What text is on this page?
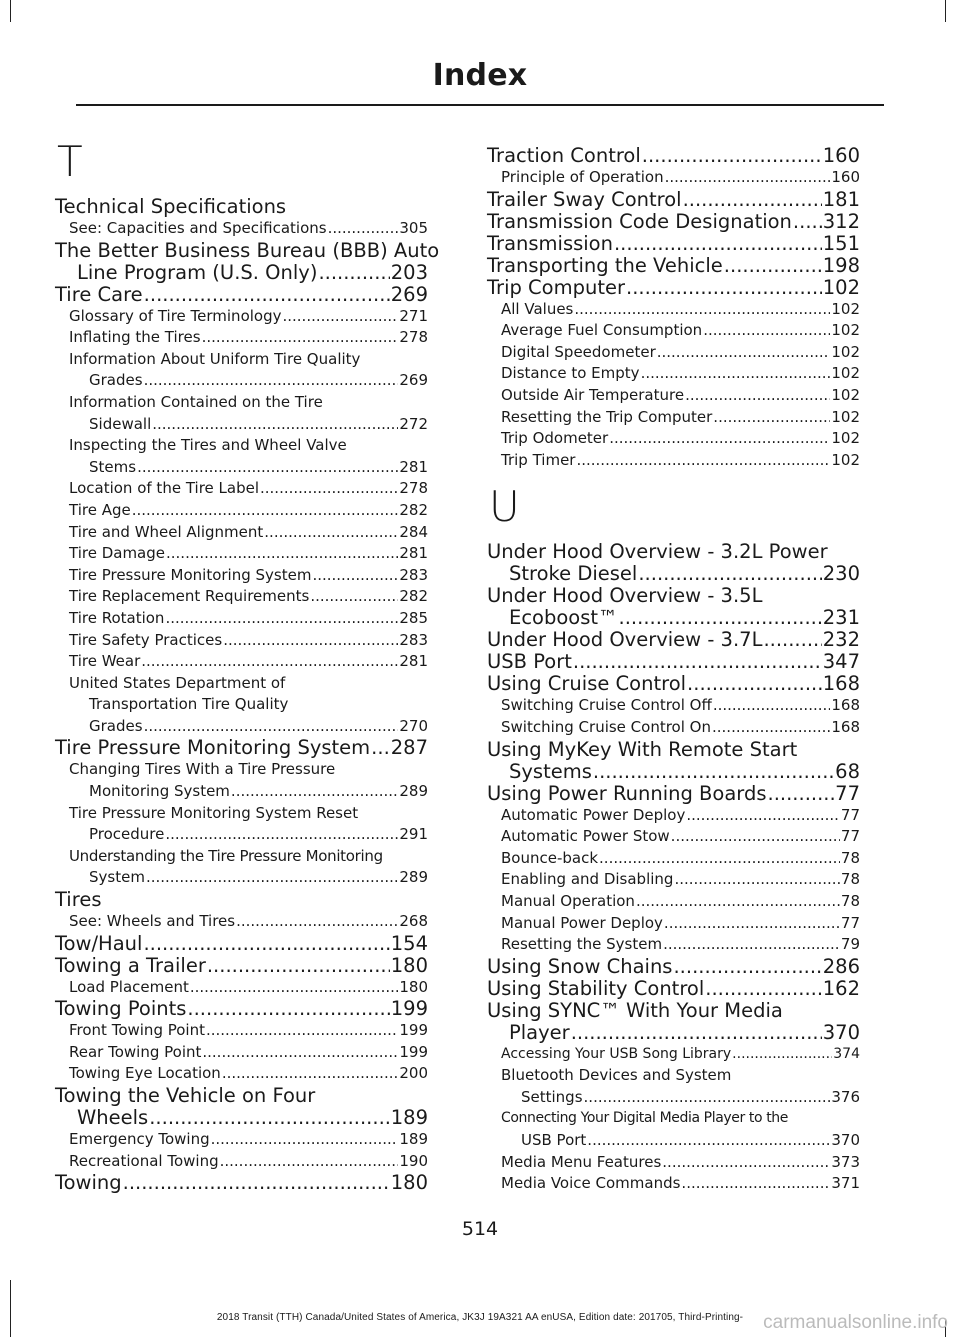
Index
T
Technical Specifications
See: Capacities and Specifications .....	305
The Better Business Bureau (BBB) Auto
Line Program (U.S. Only) .....	203
Tire Care .....	269
Glossary of Tire Terminology .....	271
Inflating the Tires .....	278
Information About Uniform Tire Quality
Grades .....	269
Information Contained on the Tire
Sidewall .....	272
Inspecting the Tires and Wheel Valve
Stems .....	281
Location of the Tire Label .....	278
Tire Age .....	282
Tire and Wheel Alignment .....	284
Tire Damage .....	281
Tire Pressure Monitoring System .....	283
Tire Replacement Requirements .....	282
Tire Rotation .....	285
Tire Safety Practices .....	283
Tire Wear .....	281
United States Department of
Transportation Tire Quality
Grades .....	270
Tire Pressure Monitoring System ..... 287
Changing Tires With a Tire Pressure
Monitoring System .....	289
Tire Pressure Monitoring System Reset
Procedure .....	291
Understanding the Tire Pressure Monitoring
System .....	289
Tires
See: Wheels and Tires .....	268
Tow/Haul .....	154
Towing a Trailer .....	180
Load Placement .....	180
Towing Points .....	199
Front Towing Point .....	199
Rear Towing Point .....	199
Towing Eye Location .....	200
Towing the Vehicle on Four
Wheels .....	189
Emergency Towing .....	189
Recreational Towing .....	190
Towing .....	180
Traction Control .....	160
Principle of Operation .....	160
Trailer Sway Control .....	181
Transmission Code Designation ..... 312
Transmission .....	151
Transporting the Vehicle .....	198
Trip Computer .....	102
All Values .....	102
Average Fuel Consumption .....	102
Digital Speedometer .....	102
Distance to Empty .....	102
Outside Air Temperature .....	102
Resetting the Trip Computer .....	102
Trip Odometer .....	102
Trip Timer .....	102
U
Under Hood Overview - 3.2L Power
Stroke Diesel .....	230
Under Hood Overview - 3.5L
Ecoboost™ .....	231
Under Hood Overview - 3.7L .....	232
USB Port .....	347
Using Cruise Control .....	168
Switching Cruise Control Off .....	168
Switching Cruise Control On .....	168
Using MyKey With Remote Start
Systems .....	68
Using Power Running Boards .....	77
Automatic Power Deploy .....	77
Automatic Power Stow .....	77
Bounce-back .....	78
Enabling and Disabling .....	78
Manual Operation .....	78
Manual Power Deploy .....	77
Resetting the System .....	79
Using Snow Chains .....	286
Using Stability Control .....	162
Using SYNC™ With Your Media
Player .....	370
Accessing Your USB Song Library .....	374
Bluetooth Devices and System
Settings .....	376
Connecting Your Digital Media Player to the
USB Port .....	370
Media Menu Features .....	373
Media Voice Commands .....	371
514
2018 Transit (TTH) Canada/United States of America, JK3J 19A321 AA enUSA, Edition date: 201705, Third-Printing-	carmanualsonline.info
